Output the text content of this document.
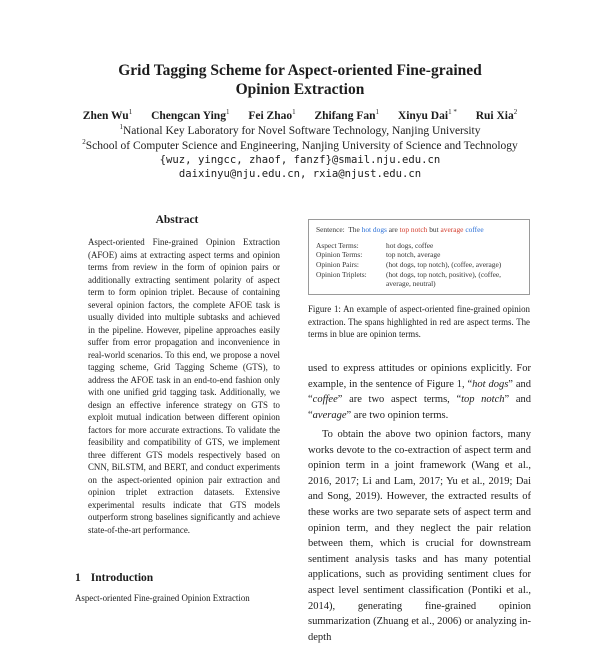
Grid Tagging Scheme for Aspect-oriented Fine-grained
Opinion Extraction
Zhen Wu$^1$ Chengcan Ying$^1$ Fei Zhao$^1$ Zhifang Fan$^1$ Xinyu Dai$^{1 *}$ Rui Xia$^2$
$^1$National Key Laboratory for Novel Software Technology, Nanjing University
$^2$School of Computer Science and Engineering, Nanjing University of Science and Technology
{wuz, yingcc, zhaof, fanzf}@smail.nju.edu.cn
daixinyu@nju.edu.cn, rxia@njust.edu.cn
Abstract
Aspect-oriented Fine-grained Opinion Extraction (AFOE) aims at extracting aspect terms and opinion terms from review in the form of opinion pairs or additionally extracting sentiment polarity of aspect term to form opinion triplet. Because of containing several opinion factors, the complete AFOE task is usually divided into multiple subtasks and achieved in the pipeline. However, pipeline approaches easily suffer from error propagation and inconvenience in real-world scenarios. To this end, we propose a novel tagging scheme, Grid Tagging Scheme (GTS), to address the AFOE task in an end-to-end fashion only with one unified grid tagging task. Additionally, we design an effective inference strategy on GTS to exploit mutual indication between different opinion factors for more accurate extractions. To validate the feasibility and compatibility of GTS, we implement three different GTS models respectively based on CNN, BiLSTM, and BERT, and conduct experiments on the aspect-oriented opinion pair extraction and opinion triplet extraction datasets. Extensive experimental results indicate that GTS models outperform strong baselines significantly and achieve state-of-the-art performance.
1 Introduction
Aspect-oriented Fine-grained Opinion Extraction
Sentence: The hot dogs are top notch but average coffee
Aspect Terms:	hot dogs, coffee
Opinion Terms:	top notch, average
Opinion Pairs:	(hot dogs, top notch), (coffee, average)
Opinion Triplets:	(hot dogs, top notch, positive), (coffee,
average, neutral)
Figure 1: An example of aspect-oriented fine-grained opinion extraction. The spans highlighted in red are aspect terms. The terms in blue are opinion terms.
used to express attitudes or opinions explicitly. For example, in the sentence of Figure 1, “hot dogs” and “coffee” are two aspect terms, “top notch” and “average” are two opinion terms.
To obtain the above two opinion factors, many works devote to the co-extraction of aspect term and opinion term in a joint framework (Wang et al., 2016, 2017; Li and Lam, 2017; Yu et al., 2019; Dai and Song, 2019). However, the extracted results of these works are two separate sets of aspect term and opinion term, and they neglect the pair relation between them, which is crucial for downstream sentiment analysis tasks and has many potential applications, such as providing sentiment clues for aspect level sentiment classification (Pontiki et al., 2014), generating fine-grained opinion summarization (Zhuang et al., 2006) or analyzing in-depth
